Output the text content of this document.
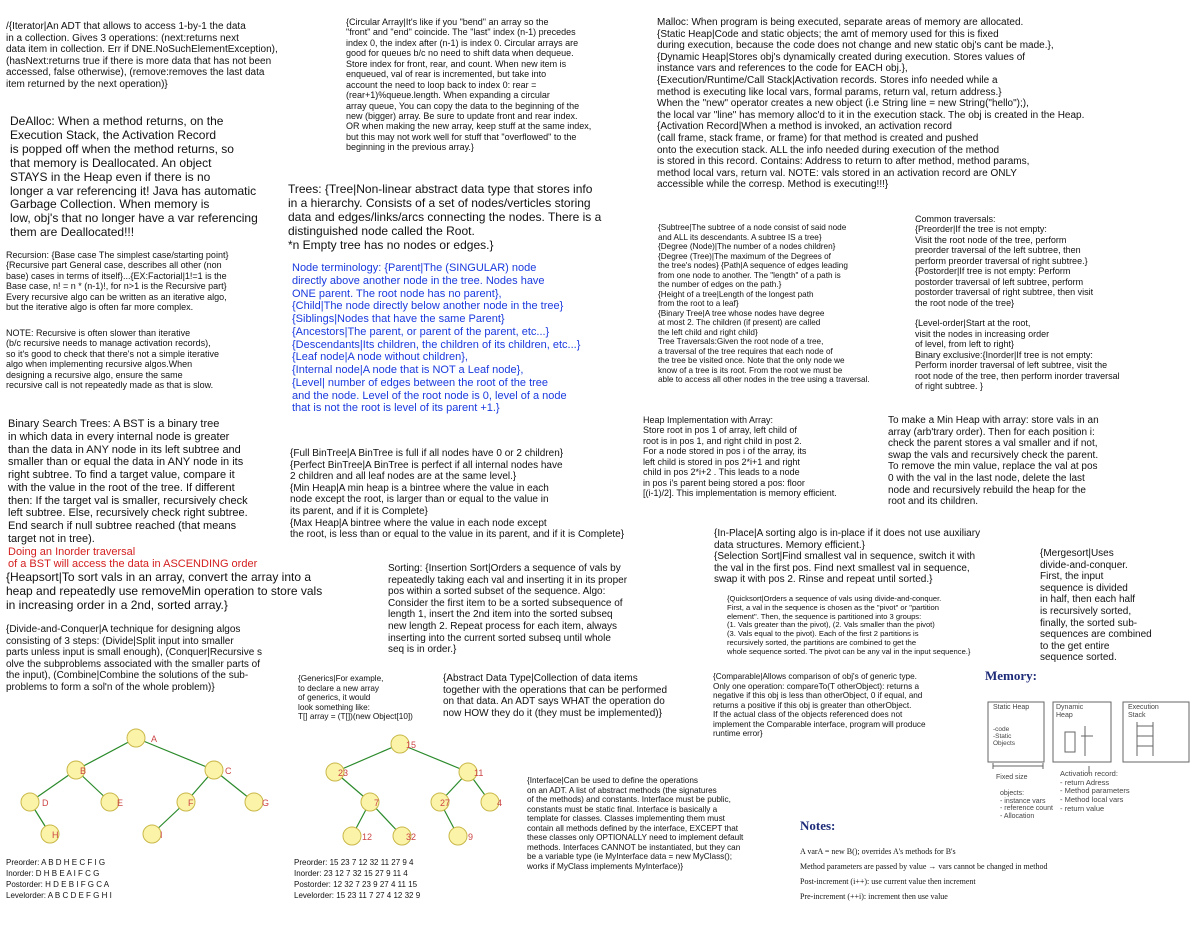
/{Iterator|An ADT that allows to access 1-by-1 the data
in a collection. Gives 3 operations: (next:returns next
data item in collection. Err if DNE.NoSuchElementException),
(hasNext:returns true if there is more data that has not been
accessed, false otherwise), (remove:removes the last data
item returned by the next operation)}

DeAlloc: When a method returns, on the
Execution Stack, the Activation Record
is popped off when the method returns, so
that memory is Deallocated. An object
STAYS in the Heap even if there is no
longer a var referencing it! Java has automatic
Garbage Collection. When memory is
low, obj's that no longer have a var referencing
them are Deallocated!!!

Recursion: {Base case The simplest case/starting point}
{Recursive part General case, describes all other (non
base) cases in terms of itself}...{EX:Factorial|1!=1 is the
Base case, n! = n * (n-1)!, for n>1 is the Recursive part}
Every recursive algo can be written as an iterative algo,
but the iterative algo is often far more complex.

NOTE: Recursive is often slower than iterative
(b/c recursive needs to manage activation records),
so it's good to check that there's not a simple iterative
algo when implementing recursive algos.When
designing a recursive algo, ensure the same
recursive call is not repeatedly made as that is slow.

Binary Search Trees: A BST is a binary tree
in which data in every internal node is greater
than the data in ANY node in its left subtree and
smaller than or equal the data in ANY node in its
right subtree. To find a target value, compare it
with the value in the root of the tree. If different
then: If the target val is smaller, recursively check
left subtree. Else, recursively check right subtree.
End search if null subtree reached (that means
target not in tree).

Doing an Inorder traversal
of a BST will access the data in ASCENDING order

{Heapsort|To sort vals in an array, convert the array into a
heap and repeatedly use removeMin operation to store vals
in increasing order in a 2nd, sorted array.}

{Divide-and-Conquer|A technique for designing algos
consisting of 3 steps: (Divide|Split input into smaller
parts unless input is small enough), (Conquer|Recursive s
olve the subproblems associated with the smaller parts of
the input), (Combine|Combine the solutions of the sub-
problems to form a sol'n of the whole problem)}

{Circular Array|It's like if you "bend" an array so the
"front" and "end" coincide. The "last" index (n-1) precedes
index 0, the index after (n-1) is index 0. Circular arrays are
good for queues b/c no need to shift data when dequeue.
Store index for front, rear, and count. When new item is
enqueued, val of rear is incremented, but take into
account the need to loop back to index 0: rear =
(rear+1)%queue.length. When expanding a circular
array queue, You can copy the data to the beginning of the
new (bigger) array. Be sure to update front and rear index.
OR when making the new array, keep stuff at the same index,
but this may not work well for stuff that "overflowed" to the
beginning in the previous array.}

Trees: {Tree|Non-linear abstract data type that stores info
in a hierarchy. Consists of a set of nodes/verticles storing
data and edges/links/arcs connecting the nodes. There is a
distinguished node called the Root.
*n Empty tree has no nodes or edges.}

Node terminology: {Parent|The (SINGULAR) node
directly above another node in the tree. Nodes have
ONE parent. The root node has no parent},
{Child|The node directly below another node in the tree}
{Siblings|Nodes that have the same Parent}
{Ancestors|The parent, or parent of the parent, etc...}
{Descendants|Its children, the children of its children, etc...}
{Leaf node|A node without children},
{Internal node|A node that is NOT a Leaf node},
{Level| number of edges between the root of the tree
and the node. Level of the root node is 0, level of a node
that is not the root is level of its parent +1.}

{Full BinTree|A BinTree is full if all nodes have 0 or 2 children}
{Perfect BinTree|A BinTree is perfect if all internal nodes have
2 children and all leaf nodes are at the same level.}
{Min Heap|A min heap is a bintree where the value in each
node except the root, is larger than or equal to the value in
its parent, and if it is Complete}
{Max Heap|A bintree where the value in each node except
the root, is less than or equal to the value in its parent, and if it is Complete}

Sorting: {Insertion Sort|Orders a sequence of vals by
repeatedly taking each val and inserting it in its proper
pos within a sorted subset of the sequence. Algo:
Consider the first item to be a sorted subsequence of
length 1, insert the 2nd item into the sorted subseq
new length 2. Repeat process for each item, always
inserting into the current sorted subseq until whole
seq is in order.}

{Generics|For example,
to declare a new array
of generics, it would
look something like:
T[] array = (T[])(new Object[10])

{Abstract Data Type|Collection of data items
together with the operations that can be performed
on that data. An ADT says WHAT the operation do
now HOW they do it (they must be implemented)}

Malloc: When program is being executed, separate areas of memory are allocated.
{Static Heap|Code and static objects; the amt of memory used for this is fixed
during execution, because the code does not change and new static obj's cant be made.},
{Dynamic Heap|Stores obj's dynamically created during execution. Stores values of
instance vars and references to the code for EACH obj.},
{Execution/Runtime/Call Stack|Activation records. Stores info needed while a
method is executing like local vars, formal params, return val, return address.}
When the "new" operator creates a new object (i.e String line = new String("hello");),
the local var "line" has memory alloc'd to it in the execution stack. The obj is created in the Heap.
{Activation Record|When a method is invoked, an activation record
(call frame, stack frame, or frame) for that method is created and pushed
onto the execution stack. ALL the info needed during execution of the method
is stored in this record. Contains: Address to return to after method, method params,
method local vars, return val. NOTE: vals stored in an activation record are ONLY
accessible while the corresp. Method is executing!!!}

{Subtree|The subtree of a node consist of said node
and ALL its descendants. A subtree IS a tree}
{Degree (Node)|The number of a nodes children}
{Degree (Tree)|The maximum of the Degrees of
the tree's nodes} {Path|A sequence of edges leading
from one node to another. The "length" of a path is
the number of edges on the path.}
{Height of a tree|Length of the longest path
from the root to a leaf}
{Binary Tree|A tree whose nodes have degree
at most 2. The children (if present) are called
the left child and right child}
Tree Traversals:Given the root node of a tree,
a traversal of the tree requires that each node of
the tree be visited once. Note that the only node we
know of a tree is its root. From the root we must be
able to access all other nodes in the tree using a traversal.

Common traversals:
{Preorder|If the tree is not empty:
Visit the root node of the tree, perform
preorder traversal of the left subtree, then
perform preorder traversal of right subtree.}
{Postorder|If tree is not empty: Perform
postorder traversal of left subtree, perform
postorder traversal of right subtree, then visit
the root node of the tree}

{Level-order|Start at the root,
visit the nodes in increasing order
of level, from left to right}
Binary exclusive:{Inorder|If tree is not empty:
Perform inorder traversal of left subtree, visit the
root node of the tree, then perform inorder traversal
of right subtree. }

Heap Implementation with Array:
Store root in pos 1 of array, left child of
root is in pos 1, and right child in post 2.
For a node stored in pos i of the array, its
left child is stored in pos 2*i+1 and right
child in pos 2*i+2 . This leads to a node
in pos i's parent being stored a pos: floor
[(i-1)/2]. This implementation is memory efficient.

To make a Min Heap with array: store vals in an
array (arb'trary order). Then for each position i:
check the parent stores a val smaller and if not,
swap the vals and recursively check the parent.
To remove the min value, replace the val at pos
0 with the val in the last node, delete the last
node and recursively rebuild the heap for the
root and its children.

{In-Place|A sorting algo is in-place if it does not use auxiliary
data structures. Memory efficient.}
{Selection Sort|Find smallest val in sequence, switch it with
the val in the first pos. Find next smallest val in sequence,
swap it with pos 2. Rinse and repeat until sorted.}

{Quicksort|Orders a sequence of vals using divide-and-conquer.
First, a val in the sequence is chosen as the "pivot" or "partition
element". Then, the sequence is partitioned into 3 groups:
(1. Vals greater than the pivot), (2. Vals smaller than the pivot)
(3. Vals equal to the pivot). Each of the first 2 partitions is
recursively sorted, the partitions are combined to get the
whole sequence sorted. The pivot can be any val in the input sequence.}

{Mergesort|Uses
divide-and-conquer.
First, the input
sequence is divided
in half, then each half
is recursively sorted,
finally, the sorted sub-
sequences are combined
to the get entire
sequence sorted.

{Comparable|Allows comparison of obj's of generic type.
Only one operation: compareTo(T otherObject): returns a
negative if this obj is less than otherObject, 0 if equal, and
returns a positive if this obj is greater than otherObject.
If the actual class of the objects referenced does not
implement the Comparable interface, program will produce
runtime error}

{Interface|Can be used to define the operations
on an ADT. A list of abstract methods (the signatures
of the methods) and constants. Interface must be public,
constants must be static final. Interface is basically a
template for classes. Classes implementing them must
contain all methods defined by the interface, EXCEPT that
these classes only OPTIONALLY need to implement default
methods. Interfaces CANNOT be instantiated, but they can
be a variable type (ie MyInterface data = new MyClass();
works if MyClass implements MyInterface)}

Memory:
Static Heap
-code
-Static
Objects
Dynamic
Heap
Execution
Stack
Fixed size
objects:
- instance vars
- reference count
- Allocation
Activation record:
- return Adress
- Method parameters
- Method local vars
- return value
Notes:
A varA = new B(); overrides A's methods for B's
Method parameters are passed by value → vars cannot be changed in method
Post-increment (i++): use current value then increment
Pre-increment (++i): increment then use value
A
B	C
D	E	F	G
H	I
Preorder: A B D H E C F I G
Inorder: D H B E A I F C G
Postorder: H D E B I F G C A
Levelorder: A B C D E F G H I
15
23	11
7	27	4
12	32	9
Preorder: 15 23 7 12 32 11 27 9 4
Inorder: 23 12 7 32 15 27 9 11 4
Postorder: 12 32 7 23 9 27 4 11 15
Levelorder: 15 23 11 7 27 4 12 32 9
